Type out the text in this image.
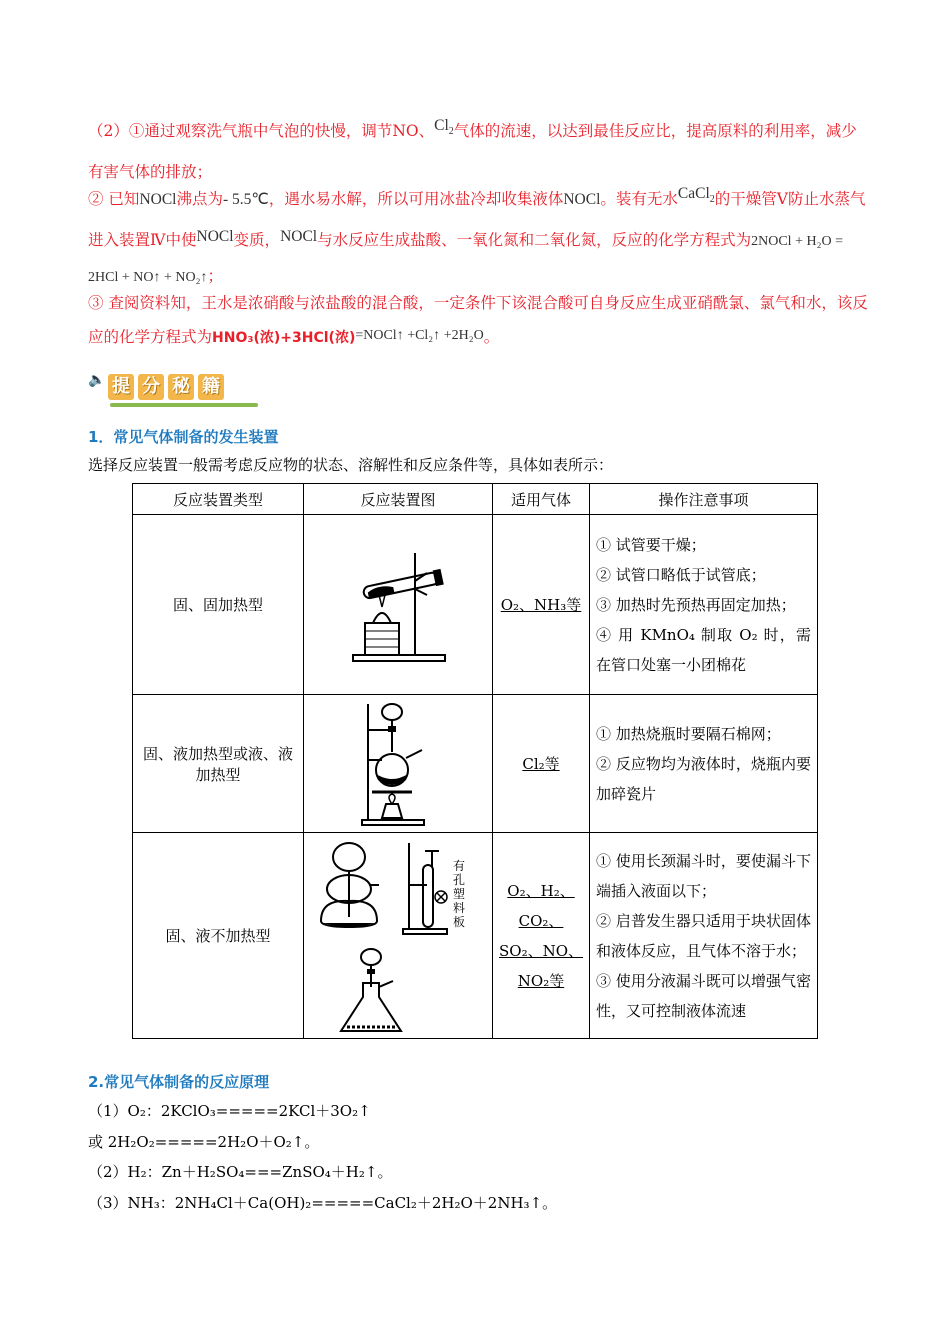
（2）①通过观察洗气瓶中气泡的快慢，调节NO、$Cl_2$气体的流速，以达到最佳反应比，提高原料的利用率，减少有害气体的排放；
② 已知NOCl沸点为- 5.5℃，遇水易水解，所以可用冰盐冷却收集液体NOCl。装有无水CaCl$_2$的干燥管Ⅴ防止水蒸气进入装置Ⅳ中使NOCl变质，NOCl与水反应生成盐酸、一氧化氮和二氧化氮，反应的化学方程式为2NOCl + H₂O = 2HCl + NO↑ + NO₂↑；
③ 查阅资料知，王水是浓硝酸与浓盐酸的混合酸，一定条件下该混合酸可自身反应生成亚硝酰氯、氯气和水，该反应的化学方程式为HNO₃(浓)+3HCl(浓)=NOCl↑ +Cl₂↑ +2H₂O。
🔈 提 分 秘 籍
1．常见气体制备的发生装置
选择反应装置一般需考虑反应物的状态、溶解性和反应条件等，具体如表所示：
反应装置类型	反应装置图	适用气体	操作注意事项
固、固加热型		O₂、NH₃等	① 试管要干燥；
② 试管口略低于试管底；
③ 加热时先预热再固定加热；
④ 用 KMnO₄ 制取 O₂ 时，需在管口处塞一小团棉花

固、液加热型或液、液加热型		Cl₂等	① 加热烧瓶时要隔石棉网；
② 反应物均为液体时，烧瓶内要加碎瓷片

固、液不加热型	有孔塑料板	O₂、H₂、CO₂、SO₂、NO、NO₂等	① 使用长颈漏斗时，要使漏斗下端插入液面以下；
② 启普发生器只适用于块状固体和液体反应，且气体不溶于水；
③ 使用分液漏斗既可以增强气密性，又可控制液体流速
2.常见气体制备的反应原理
（1）O₂：2KClO₃=====2KCl＋3O₂↑
或 2H₂O₂=====2H₂O＋O₂↑。
（2）H₂：Zn＋H₂SO₄===ZnSO₄＋H₂↑。
（3）NH₃：2NH₄Cl＋Ca(OH)₂=====CaCl₂＋2H₂O＋2NH₃↑。
